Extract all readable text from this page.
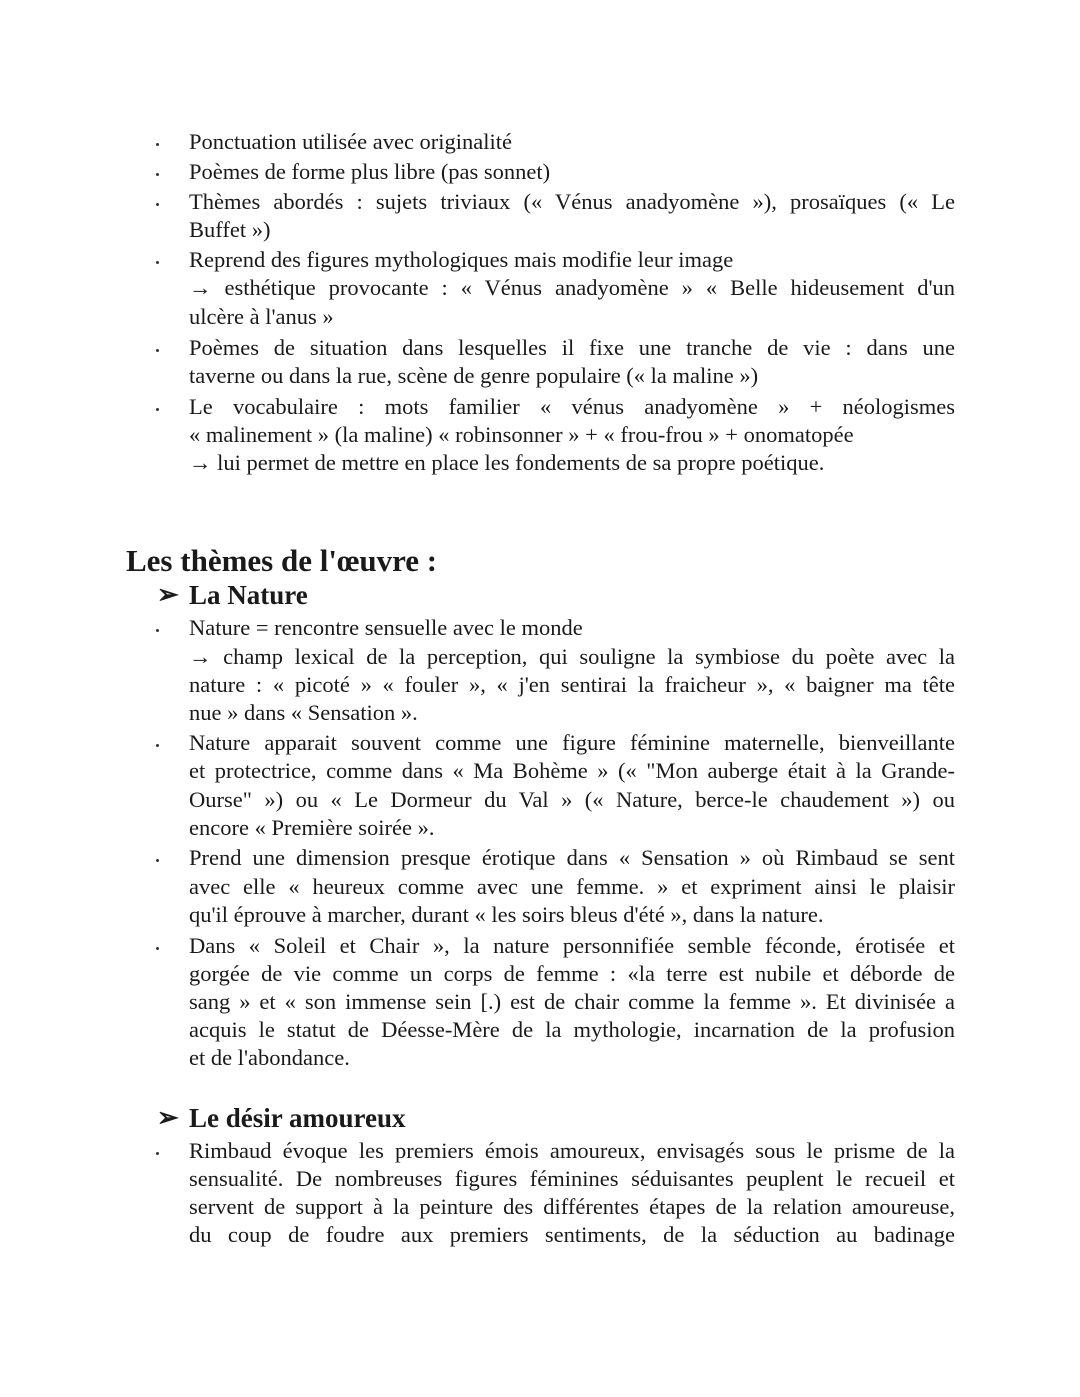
Ponctuation utilisée avec originalité
Poèmes de forme plus libre (pas sonnet)
Thèmes abordés : sujets triviaux (« Vénus anadyomène »), prosaïques (« Le
Buffet »)
Reprend des figures mythologiques mais modifie leur image
→ esthétique provocante : « Vénus anadyomène » « Belle hideusement d'un
ulcère à l'anus »
Poèmes de situation dans lesquelles il fixe une tranche de vie : dans une
taverne ou dans la rue, scène de genre populaire (« la maline »)
Le vocabulaire : mots familier « vénus anadyomène » + néologismes
« malinement » (la maline) « robinsonner » + « frou-frou » + onomatopée
→ lui permet de mettre en place les fondements de sa propre poétique.
Les thèmes de l'œuvre :
➢ La Nature
Nature = rencontre sensuelle avec le monde
→ champ lexical de la perception, qui souligne la symbiose du poète avec la
nature : « picoté » « fouler », « j'en sentirai la fraicheur », « baigner ma tête
nue » dans « Sensation ».
Nature apparait souvent comme une figure féminine maternelle, bienveillante
et protectrice, comme dans « Ma Bohème » (« "Mon auberge était à la Grande-
Ourse" ») ou « Le Dormeur du Val » (« Nature, berce-le chaudement ») ou
encore « Première soirée ».
Prend une dimension presque érotique dans « Sensation » où Rimbaud se sent
avec elle « heureux comme avec une femme. » et expriment ainsi le plaisir
qu'il éprouve à marcher, durant « les soirs bleus d'été », dans la nature.
Dans « Soleil et Chair », la nature personnifiée semble féconde, érotisée et
gorgée de vie comme un corps de femme : «la terre est nubile et déborde de
sang » et « son immense sein [.) est de chair comme la femme ». Et divinisée a
acquis le statut de Déesse-Mère de la mythologie, incarnation de la profusion
et de l'abondance.
➢ Le désir amoureux
Rimbaud évoque les premiers émois amoureux, envisagés sous le prisme de la
sensualité. De nombreuses figures féminines séduisantes peuplent le recueil et
servent de support à la peinture des différentes étapes de la relation amoureuse,
du coup de foudre aux premiers sentiments, de la séduction au badinage
